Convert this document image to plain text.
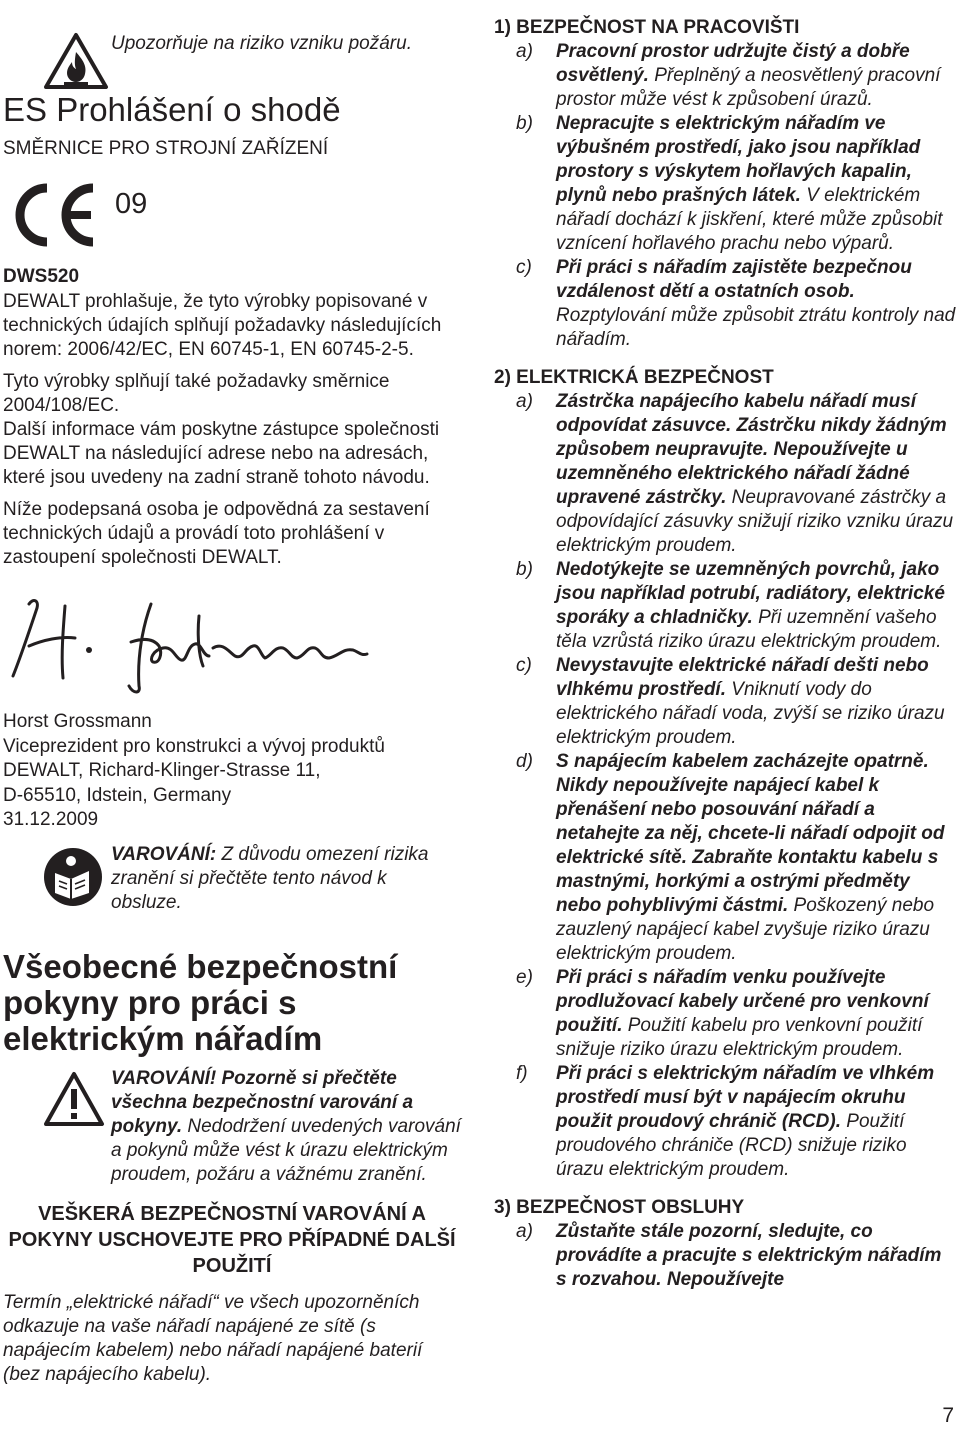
Upozorňuje na riziko vzniku požáru.
ES Prohlášení o shodě
SMĚRNICE PRO STROJNÍ ZAŘÍZENÍ
09
DWS520

DEWALT prohlašuje, že tyto výrobky popisované v technických údajích splňují požadavky následujících norem: 2006/42/EC, EN 60745-1, EN 60745-2-5.

Tyto výrobky splňují také požadavky směrnice 2004/108/EC.

Další informace vám poskytne zástupce společnosti DEWALT na následující adrese nebo na adresách, které jsou uvedeny na zadní straně tohoto návodu.

Níže podepsaná osoba je odpovědná za sestavení technických údajů a provádí toto prohlášení v zastoupení společnosti DEWALT.

Horst Grossmann
Viceprezident pro konstrukci a vývoj produktů
DEWALT, Richard-Klinger-Strasse 11,
D-65510, Idstein, Germany
31.12.2009
VAROVÁNÍ: Z důvodu omezení rizika zranění si přečtěte tento návod k obsluze.
Všeobecné bezpečnostní pokyny pro práci s elektrickým nářadím
VAROVÁNÍ! Pozorně si přečtěte všechna bezpečnostní varování a pokyny. Nedodržení uvedených varování a pokynů může vést k úrazu elektrickým proudem, požáru a vážnému zranění.
VEŠKERÁ BEZPEČNOSTNÍ VAROVÁNÍ A POKYNY USCHOVEJTE PRO PŘÍPADNÉ DALŠÍ POUŽITÍ
Termín „elektrické nářadí“ ve všech upozorněních odkazuje na vaše nářadí napájené ze sítě (s napájecím kabelem) nebo nářadí napájené baterií (bez napájecího kabelu).
1) BEZPEČNOST NA PRACOVIŠTI
a)	Pracovní prostor udržujte čistý a dobře osvětlený. Přeplněný a neosvětlený pracovní prostor může vést k způsobení úrazů.
b)	Nepracujte s elektrickým nářadím ve výbušném prostředí, jako jsou například prostory s výskytem hořlavých kapalin, plynů nebo prašných látek. V elektrickém nářadí dochází k jiskření, které může způsobit vznícení hořlavého prachu nebo výparů.
c)	Při práci s nářadím zajistěte bezpečnou vzdálenost dětí a ostatních osob. Rozptylování může způsobit ztrátu kontroly nad nářadím.
2) ELEKTRICKÁ BEZPEČNOST
a)	Zástrčka napájecího kabelu nářadí musí odpovídat zásuvce. Zástrčku nikdy žádným způsobem neupravujte. Nepoužívejte u uzemněného elektrického nářadí žádné upravené zástrčky. Neupravované zástrčky a odpovídající zásuvky snižují riziko vzniku úrazu elektrickým proudem.
b)	Nedotýkejte se uzemněných povrchů, jako jsou například potrubí, radiátory, elektrické sporáky a chladničky. Při uzemnění vašeho těla vzrůstá riziko úrazu elektrickým proudem.
c)	Nevystavujte elektrické nářadí dešti nebo vlhkému prostředí. Vniknutí vody do elektrického nářadí voda, zvýší se riziko úrazu elektrickým proudem.
d)	S napájecím kabelem zacházejte opatrně. Nikdy nepoužívejte napájecí kabel k přenášení nebo posouvání nářadí a netahejte za něj, chcete-li nářadí odpojit od elektrické sítě. Zabraňte kontaktu kabelu s mastnými, horkými a ostrými předměty nebo pohyblivými částmi. Poškozený nebo zauzlený napájecí kabel zvyšuje riziko úrazu elektrickým proudem.
e)	Při práci s nářadím venku používejte prodlužovací kabely určené pro venkovní použití. Použití kabelu pro venkovní použití snižuje riziko úrazu elektrickým proudem.
f)	Při práci s elektrickým nářadím ve vlhkém prostředí musí být v napájecím okruhu použit proudový chránič (RCD). Použití proudového chrániče (RCD) snižuje riziko úrazu elektrickým proudem.
3) BEZPEČNOST OBSLUHY
a)	Zůstaňte stále pozorní, sledujte, co provádíte a pracujte s elektrickým nářadím s rozvahou. Nepoužívejte
7
